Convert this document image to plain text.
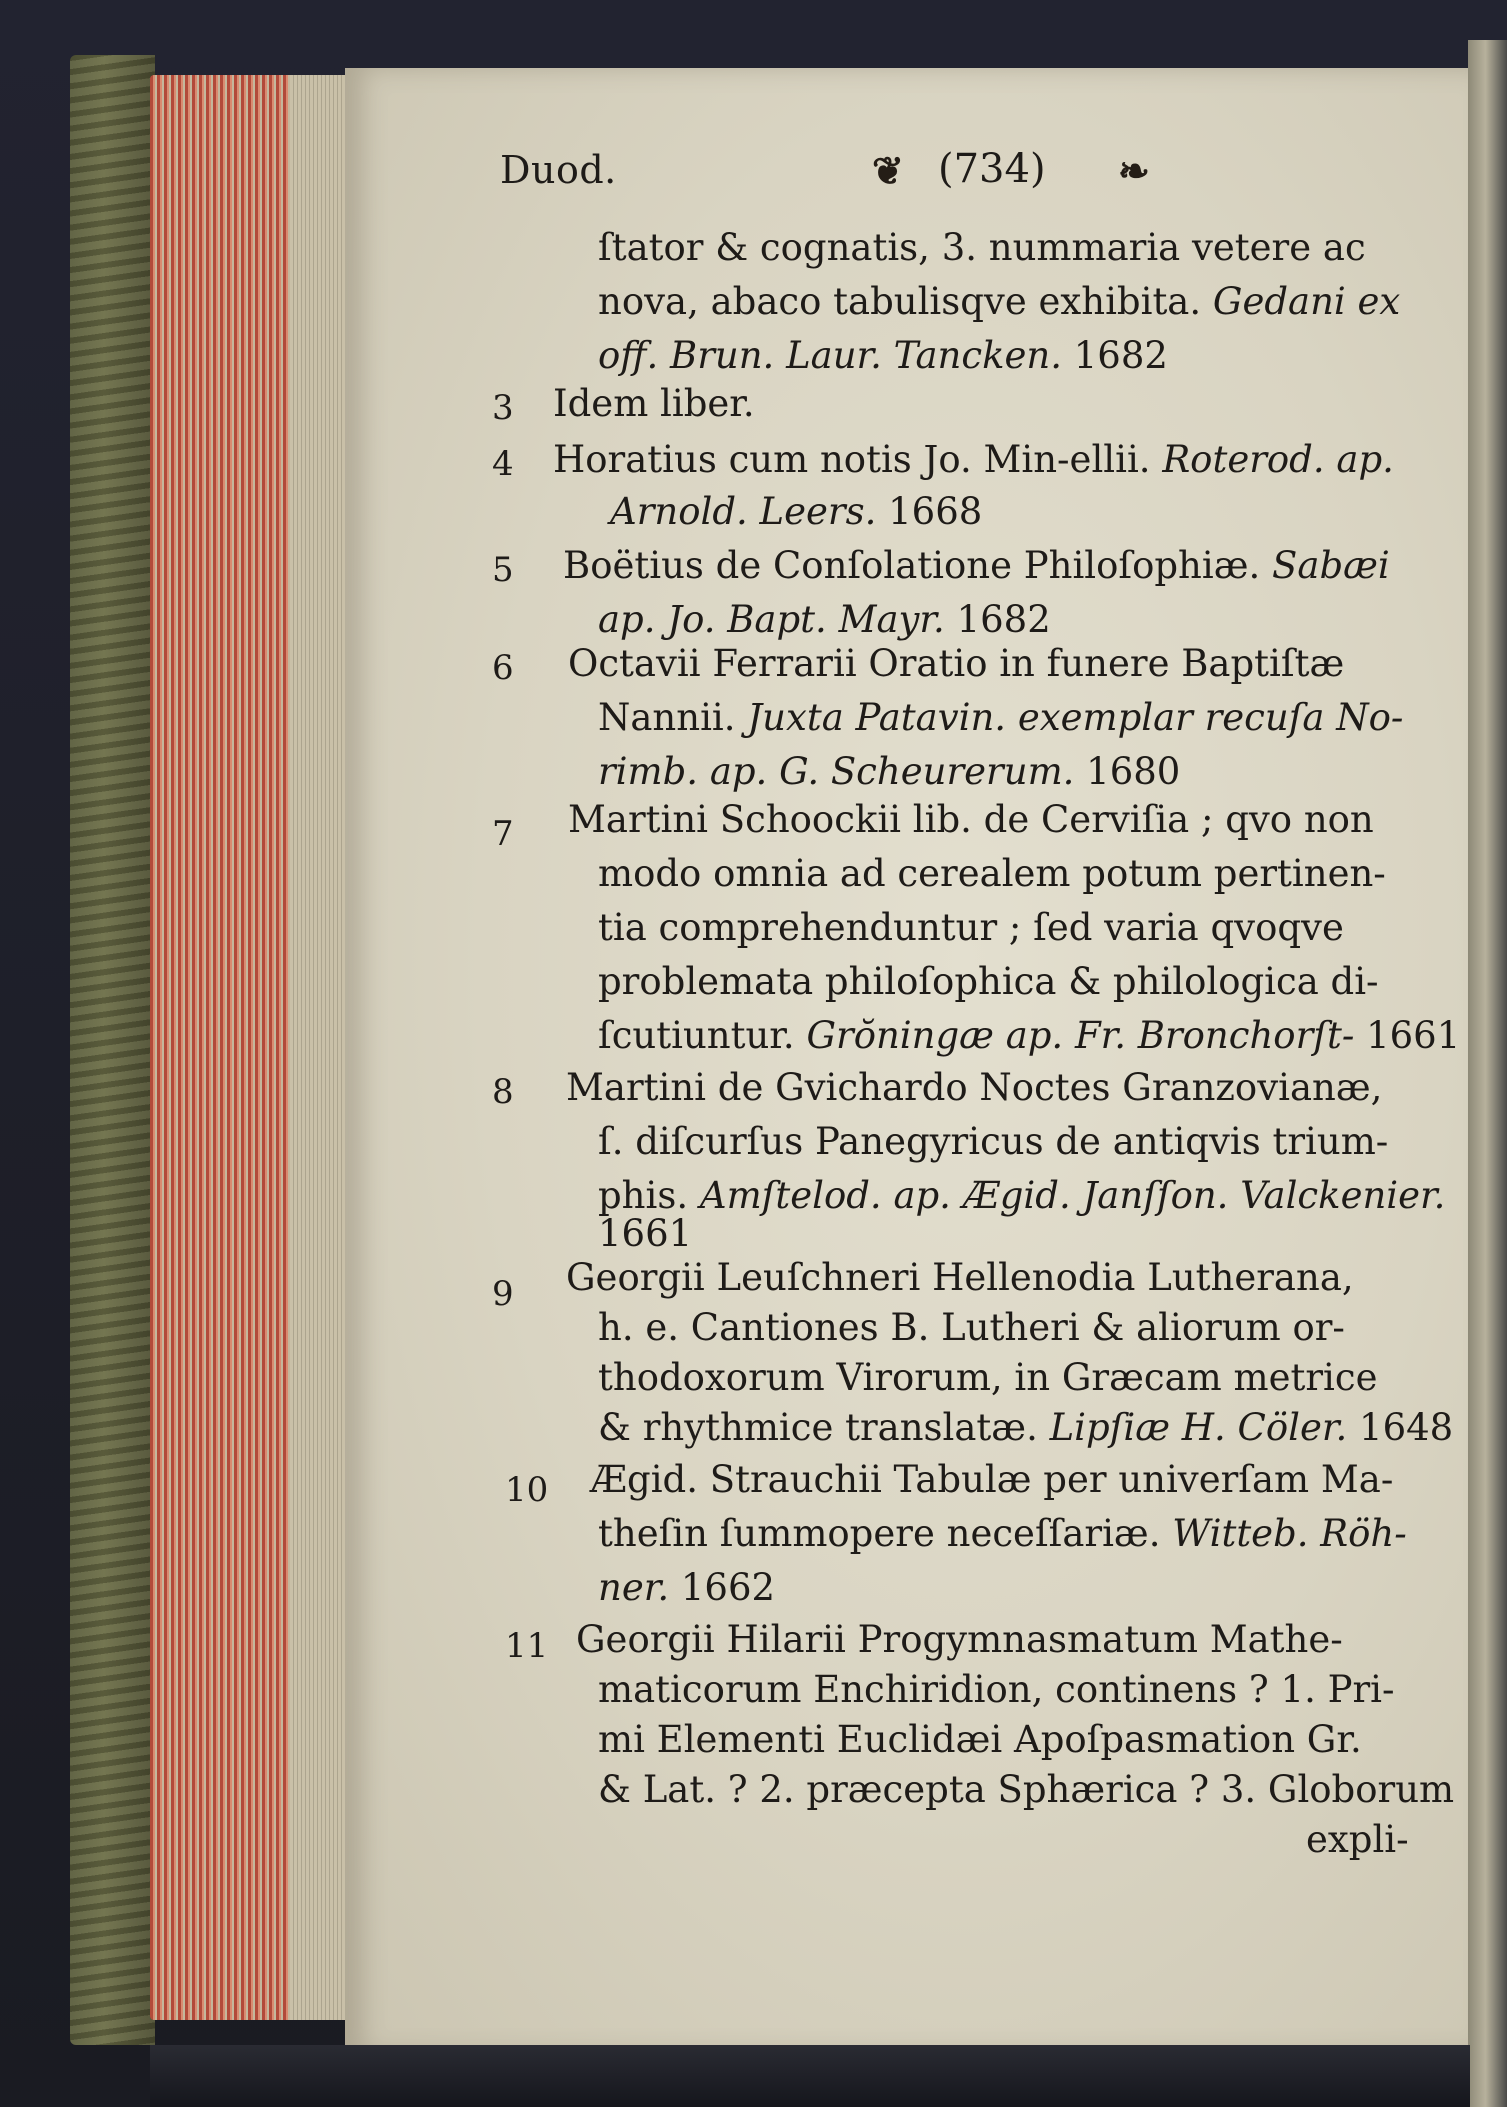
Duod.	❦ (734) ❧
ſtator & cognatis, 3. nummaria vetere ac
nova, abaco tabulisqve exhibita. Gedani ex
off. Brun. Laur. Tancken. 1682
3 Idem liber.
4 Horatius cum notis Jo. Min-ellii. Roterod. ap.
Arnold. Leers. 1668
5 Boëtius de Conſolatione Philoſophiæ. Sabæi
ap. Jo. Bapt. Mayr. 1682
6 Octavii Ferrarii Oratio in funere Baptiſtæ
Nannii. Juxta Patavin. exemplar recuſa No-
rimb. ap. G. Scheurerum. 1680
7 Martini Schoockii lib. de Cerviſia ; qvo non
modo omnia ad cerealem potum pertinen-
tia comprehenduntur ; ſed varia qvoqve
problemata philoſophica & philologica di-
ſcutiuntur. Grŏningæ ap. Fr. Bronchorſt- 1661
8 Martini de Gvichardo Noctes Granzovianæ,
ſ. diſcurſus Panegyricus de antiqvis trium-
phis. Amſtelod. ap. Ægid. Janſſon. Valckenier.
1661
9 Georgii Leuſchneri Hellenodia Lutherana,
h. e. Cantiones B. Lutheri & aliorum or-
thodoxorum Virorum, in Græcam metrice
& rhythmice translatæ. Lipſiæ H. Cöler. 1648
10 Ægid. Strauchii Tabulæ per univerſam Ma-
theſin ſummopere neceſſariæ. Witteb. Röh-
ner. 1662
11 Georgii Hilarii Progymnasmatum Mathe-
maticorum Enchiridion, continens ? 1. Pri-
mi Elementi Euclidæi Apoſpasmation Gr.
& Lat. ? 2. præcepta Sphærica ? 3. Globorum
expli-
